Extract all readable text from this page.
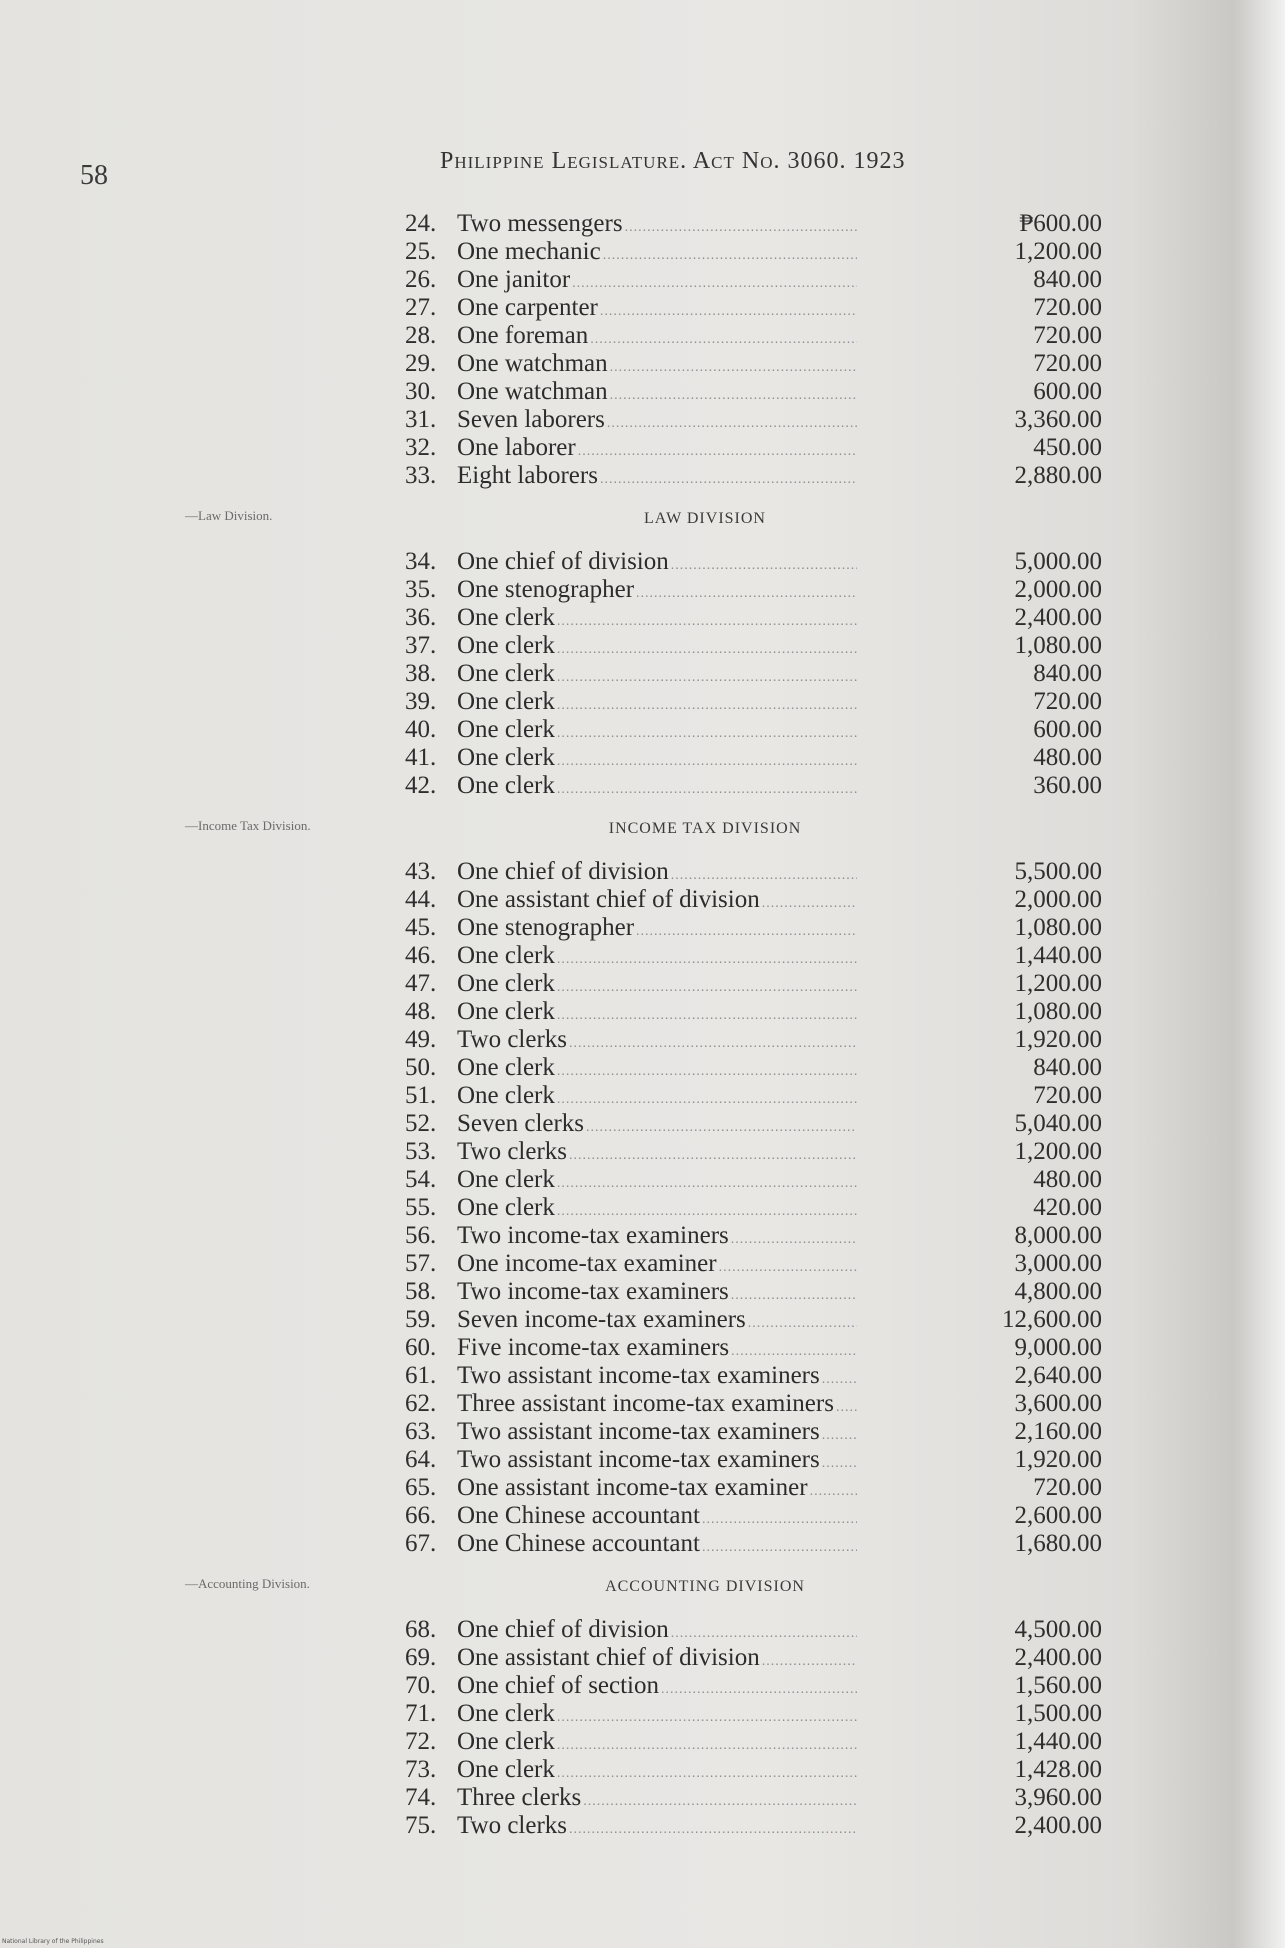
58	Philippine Legislature. Act No. 3060. 1923
24. Two messengers .....	₱600.00
25. One mechanic .....	1,200.00
26. One janitor .....	840.00
27. One carpenter .....	720.00
28. One foreman .....	720.00
29. One watchman .....	720.00
30. One watchman .....	600.00
31. Seven laborers .....	3,360.00
32. One laborer .....	450.00
33. Eight laborers .....	2,880.00
LAW DIVISION
34. One chief of division .....	5,000.00
35. One stenographer .....	2,000.00
36. One clerk .....	2,400.00
37. One clerk .....	1,080.00
38. One clerk .....	840.00
39. One clerk .....	720.00
40. One clerk .....	600.00
41. One clerk .....	480.00
42. One clerk .....	360.00
INCOME TAX DIVISION
43. One chief of division .....	5,500.00
44. One assistant chief of division .....	2,000.00
45. One stenographer .....	1,080.00
46. One clerk .....	1,440.00
47. One clerk .....	1,200.00
48. One clerk .....	1,080.00
49. Two clerks .....	1,920.00
50. One clerk .....	840.00
51. One clerk .....	720.00
52. Seven clerks .....	5,040.00
53. Two clerks .....	1,200.00
54. One clerk .....	480.00
55. One clerk .....	420.00
56. Two income-tax examiners .....	8,000.00
57. One income-tax examiner .....	3,000.00
58. Two income-tax examiners .....	4,800.00
59. Seven income-tax examiners .....	12,600.00
60. Five income-tax examiners .....	9,000.00
61. Two assistant income-tax examiners .....	2,640.00
62. Three assistant income-tax examiners .....	3,600.00
63. Two assistant income-tax examiners .....	2,160.00
64. Two assistant income-tax examiners .....	1,920.00
65. One assistant income-tax examiner .....	720.00
66. One Chinese accountant .....	2,600.00
67. One Chinese accountant .....	1,680.00
ACCOUNTING DIVISION
68. One chief of division .....	4,500.00
69. One assistant chief of division .....	2,400.00
70. One chief of section .....	1,560.00
71. One clerk .....	1,500.00
72. One clerk .....	1,440.00
73. One clerk .....	1,428.00
74. Three clerks .....	3,960.00
75. Two clerks .....	2,400.00
—Law Division.
—Income Tax Division.
—Accounting Division.
National Library of the Philippines
